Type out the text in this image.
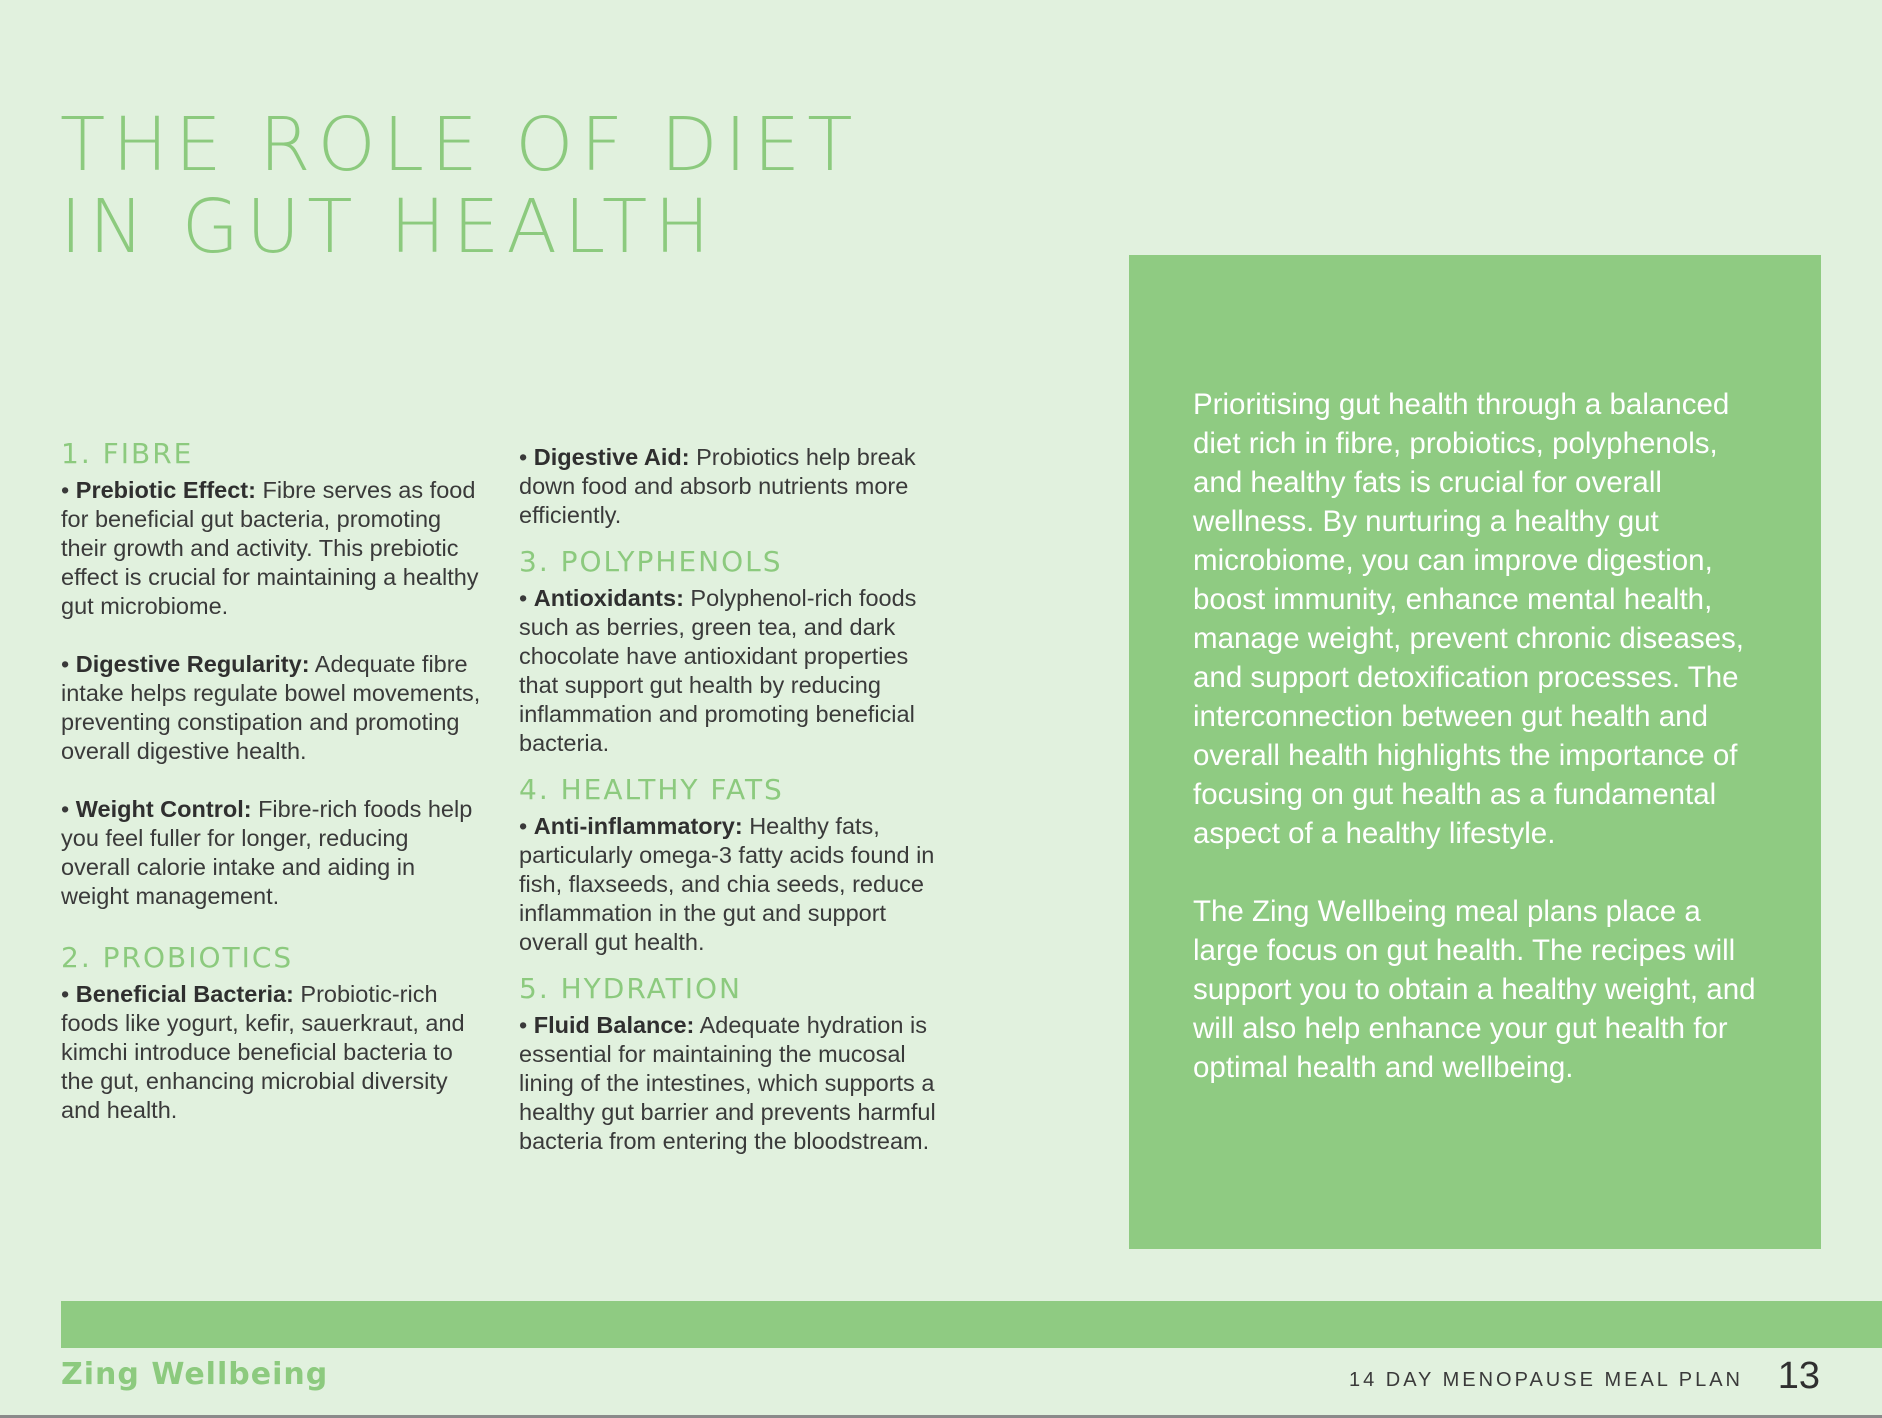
THE ROLE OF DIET
IN GUT HEALTH
1. FIBRE

• Prebiotic Effect: Fibre serves as food for beneficial gut bacteria, promoting their growth and activity. This prebiotic effect is crucial for maintaining a healthy gut microbiome.

• Digestive Regularity: Adequate fibre intake helps regulate bowel movements, preventing constipation and promoting overall digestive health.

• Weight Control: Fibre-rich foods help you feel fuller for longer, reducing overall calorie intake and aiding in weight management.

2. PROBIOTICS

• Beneficial Bacteria: Probiotic-rich foods like yogurt, kefir, sauerkraut, and kimchi introduce beneficial bacteria to the gut, enhancing microbial diversity and health.

• Digestive Aid: Probiotics help break down food and absorb nutrients more efficiently.

3. POLYPHENOLS

• Antioxidants: Polyphenol-rich foods such as berries, green tea, and dark chocolate have antioxidant properties that support gut health by reducing inflammation and promoting beneficial bacteria.

4. HEALTHY FATS

• Anti-inflammatory: Healthy fats, particularly omega-3 fatty acids found in fish, flaxseeds, and chia seeds, reduce inflammation in the gut and support overall gut health.

5. HYDRATION

• Fluid Balance: Adequate hydration is essential for maintaining the mucosal lining of the intestines, which supports a healthy gut barrier and prevents harmful bacteria from entering the bloodstream.

Prioritising gut health through a balanced diet rich in fibre, probiotics, polyphenols, and healthy fats is crucial for overall wellness. By nurturing a healthy gut microbiome, you can improve digestion, boost immunity, enhance mental health, manage weight, prevent chronic diseases, and support detoxification processes. The interconnection between gut health and overall health highlights the importance of focusing on gut health as a fundamental aspect of a healthy lifestyle.

The Zing Wellbeing meal plans place a large focus on gut health. The recipes will support you to obtain a healthy weight, and will also help enhance your gut health for optimal health and wellbeing.

Zing Wellbeing	14 DAY MENOPAUSE MEAL PLAN 13
